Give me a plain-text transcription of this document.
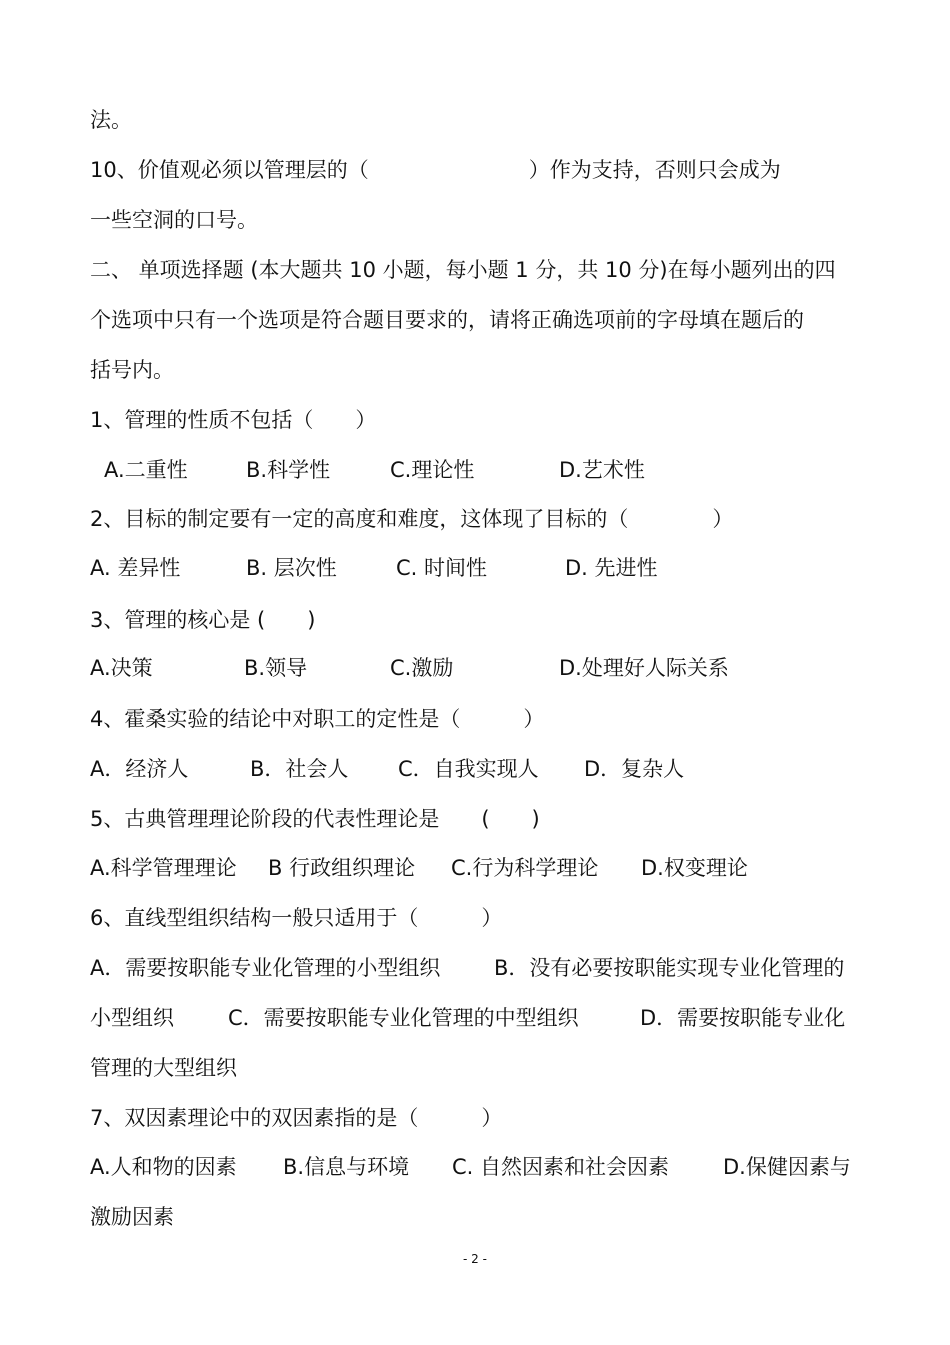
法。
10、价值观必须以管理层的（	）作为支持，否则只会成为
一些空洞的口号。
二、 单项选择题 (本大题共 10 小题，每小题 1 分，共 10 分)在每小题列出的四
个选项中只有一个选项是符合题目要求的，请将正确选项前的字母填在题后的
括号内。
1、管理的性质不包括（　　）
A.二重性	B.科学性	C.理论性	D.艺术性
2、目标的制定要有一定的高度和难度，这体现了目标的（　　　　）
A. 差异性	B. 层次性	C. 时间性	D. 先进性
3、管理的核心是 (　　)
A.决策	B.领导	C.激励	D.处理好人际关系
4、霍桑实验的结论中对职工的定性是（　　　）
A．经济人	B．社会人 C．自我实现人 D．复杂人
5、古典管理理论阶段的代表性理论是　　(　　)
A.科学管理理论 B 行政组织理论 C.行为科学理论 D.权变理论
6、直线型组织结构一般只适用于（　　　）
A．需要按职能专业化管理的小型组织	B．没有必要按职能实现专业化管理的
小型组织	C．需要按职能专业化管理的中型组织	D．需要按职能专业化
管理的大型组织
7、双因素理论中的双因素指的是（　　　）
A.人和物的因素 B.信息与环境 C. 自然因素和社会因素	D.保健因素与
激励因素
- 2 -
